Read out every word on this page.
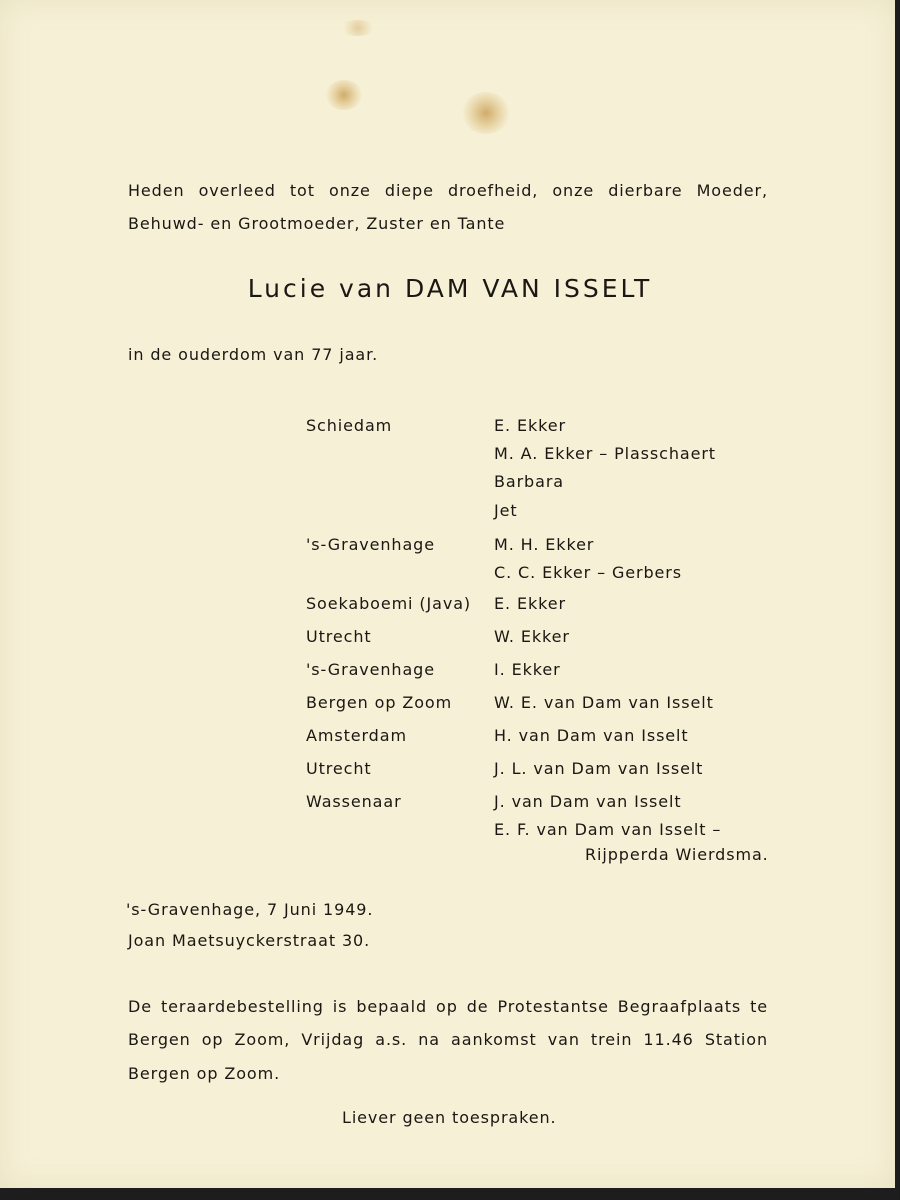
Heden overleed tot onze diepe droefheid, onze dierbare Moeder,
Behuwd- en Grootmoeder, Zuster en Tante
Lucie van DAM VAN ISSELT
in de ouderdom van 77 jaar.
Schiedam	E. Ekker
M. A. Ekker – Plasschaert
Barbara
Jet
's-Gravenhage	M. H. Ekker
C. C. Ekker – Gerbers
Soekaboemi (Java) E. Ekker
Utrecht	W. Ekker
's-Gravenhage	I. Ekker
Bergen op Zoom	W. E. van Dam van Isselt
Amsterdam	H. van Dam van Isselt
Utrecht	J. L. van Dam van Isselt
Wassenaar	J. van Dam van Isselt
E. F. van Dam van Isselt –
Rijpperda Wierdsma.
's-Gravenhage, 7 Juni 1949.
Joan Maetsuyckerstraat 30.
De teraardebestelling is bepaald op de Protestantse Begraafplaats te
Bergen op Zoom, Vrijdag a.s. na aankomst van trein 11.46 Station
Bergen op Zoom.
Liever geen toespraken.
